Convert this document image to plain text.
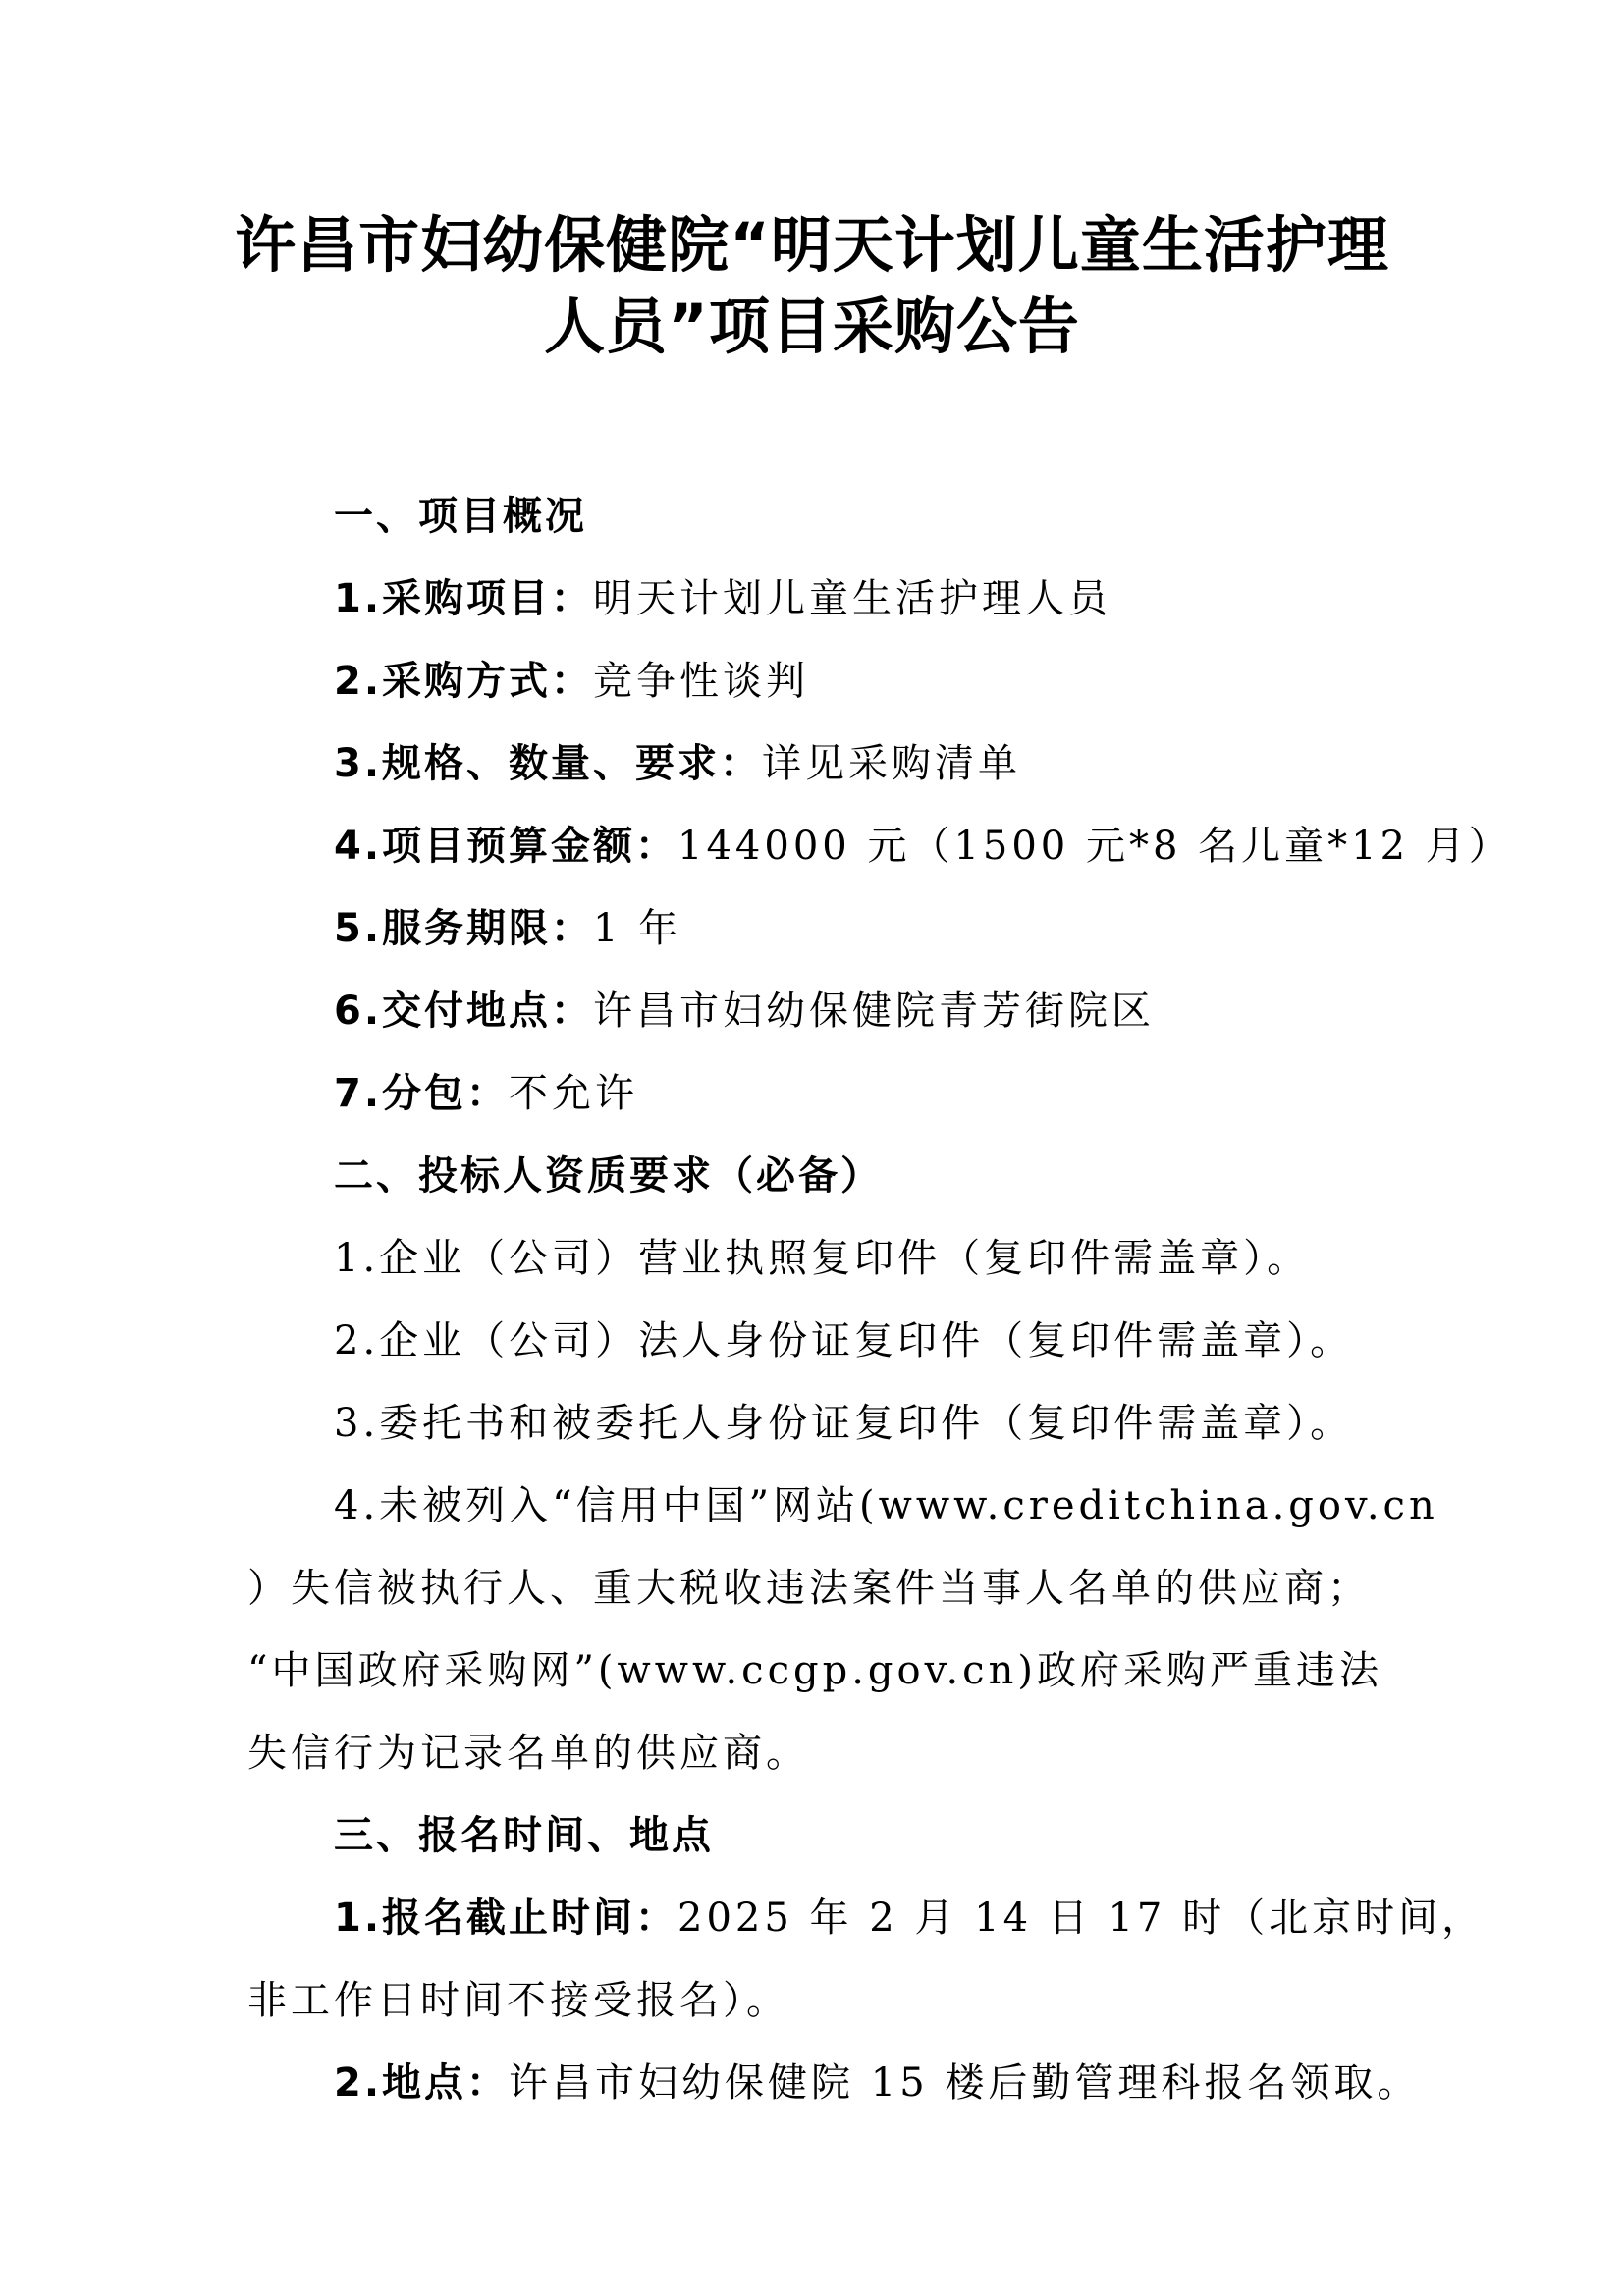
许昌市妇幼保健院“明天计划儿童生活护理
人员”项目采购公告
一、项目概况
1.采购项目：明天计划儿童生活护理人员
2.采购方式：竞争性谈判
3.规格、数量、要求：详见采购清单
4.项目预算金额：144000 元（1500 元*8 名儿童*12 月）
5.服务期限：1 年
6.交付地点：许昌市妇幼保健院青芳街院区
7.分包：不允许
二、投标人资质要求（必备）
1.企业（公司）营业执照复印件（复印件需盖章）。
2.企业（公司）法人身份证复印件（复印件需盖章）。
3.委托书和被委托人身份证复印件（复印件需盖章）。
4.未被列入“信用中国”网站(www.creditchina.gov.cn
）失信被执行人、重大税收违法案件当事人名单的供应商；
“中国政府采购网”(www.ccgp.gov.cn)政府采购严重违法
失信行为记录名单的供应商。
三、报名时间、地点
1.报名截止时间：2025 年 2 月 14 日 17 时（北京时间，
非工作日时间不接受报名）。
2.地点：许昌市妇幼保健院 15 楼后勤管理科报名领取。
